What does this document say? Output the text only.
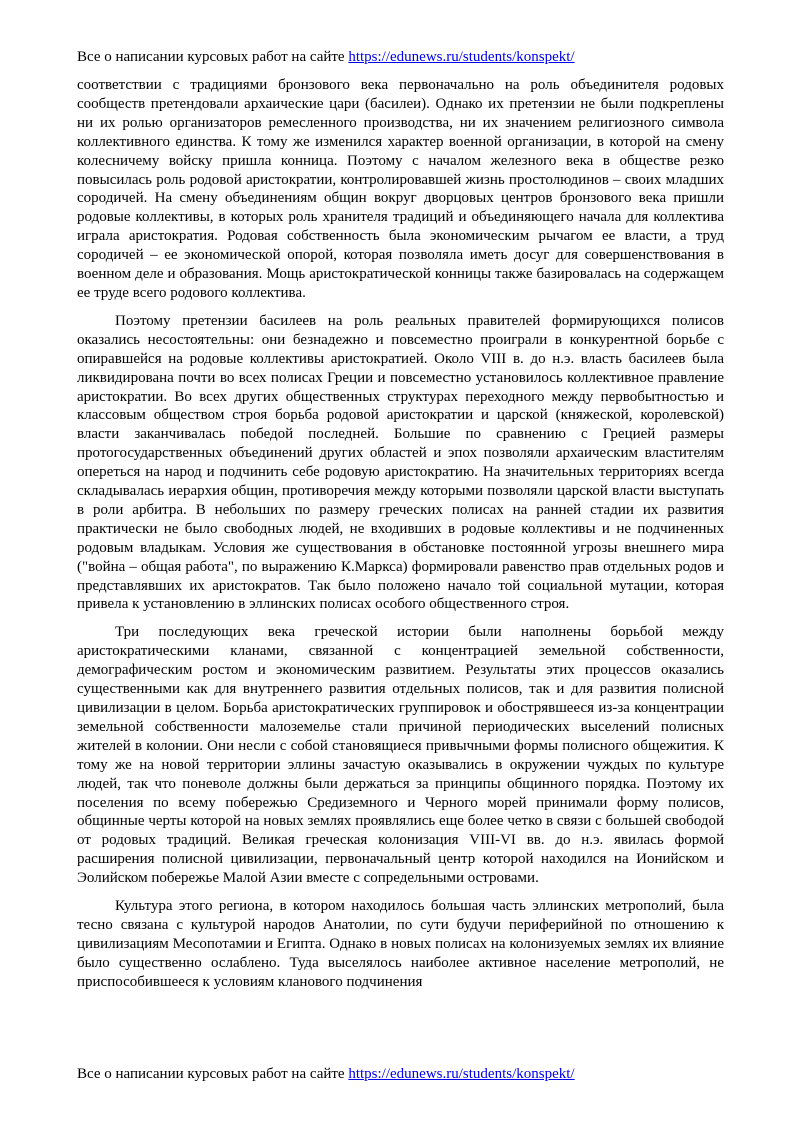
Все о написании курсовых работ на сайте https://edunews.ru/students/konspekt/

соответствии с традициями бронзового века первоначально на роль объединителя родовых сообществ претендовали архаические цари (басилеи). Однако их претензии не были подкреплены ни их ролью организаторов ремесленного производства, ни их значением религиозного символа коллективного единства. К тому же изменился характер военной организации, в которой на смену колесничему войску пришла конница. Поэтому с началом железного века в обществе резко повысилась роль родовой аристократии, контролировавшей жизнь простолюдинов – своих младших сородичей. На смену объединениям общин вокруг дворцовых центров бронзового века пришли родовые коллективы, в которых роль хранителя традиций и объединяющего начала для коллектива играла аристократия. Родовая собственность была экономическим рычагом ее власти, а труд сородичей – ее экономической опорой, которая позволяла иметь досуг для совершенствования в военном деле и образования. Мощь аристократической конницы также базировалась на содержащем ее труде всего родового коллектива.

Поэтому претензии басилеев на роль реальных правителей формирующихся полисов оказались несостоятельны: они безнадежно и повсеместно проиграли в конкурентной борьбе с опиравшейся на родовые коллективы аристократией. Около VIII в. до н.э. власть басилеев была ликвидирована почти во всех полисах Греции и повсеместно установилось коллективное правление аристократии. Во всех других общественных структурах переходного между первобытностью и классовым обществом строя борьба родовой аристократии и царской (княжеской, королевской) власти заканчивалась победой последней. Большие по сравнению с Грецией размеры протогосударственных объединений других областей и эпох позволяли архаическим властителям опереться на народ и подчинить себе родовую аристократию. На значительных территориях всегда складывалась иерархия общин, противоречия между которыми позволяли царской власти выступать в роли арбитра. В небольших по размеру греческих полисах на ранней стадии их развития практически не было свободных людей, не входивших в родовые коллективы и не подчиненных родовым владыкам. Условия же существования в обстановке постоянной угрозы внешнего мира ("война – общая работа", по выражению К.Маркса) формировали равенство прав отдельных родов и представлявших их аристократов. Так было положено начало той социальной мутации, которая привела к установлению в эллинских полисах особого общественного строя.

Три последующих века греческой истории были наполнены борьбой между аристократическими кланами, связанной с концентрацией земельной собственности, демографическим ростом и экономическим развитием. Результаты этих процессов оказались существенными как для внутреннего развития отдельных полисов, так и для развития полисной цивилизации в целом. Борьба аристократических группировок и обострявшееся из-за концентрации земельной собственности малоземелье стали причиной периодических выселений полисных жителей в колонии. Они несли с собой становящиеся привычными формы полисного общежития. К тому же на новой территории эллины зачастую оказывались в окружении чуждых по культуре людей, так что поневоле должны были держаться за принципы общинного порядка. Поэтому их поселения по всему побережью Средиземного и Черного морей принимали форму полисов, общинные черты которой на новых землях проявлялись еще более четко в связи с большей свободой от родовых традиций. Великая греческая колонизация VIII-VI вв. до н.э. явилась формой расширения полисной цивилизации, первоначальный центр которой находился на Ионийском и Эолийском побережье Малой Азии вместе с сопредельными островами.

Культура этого региона, в котором находилось большая часть эллинских метрополий, была тесно связана с культурой народов Анатолии, по сути будучи периферийной по отношению к цивилизациям Месопотамии и Египта. Однако в новых полисах на колонизуемых землях их влияние было существенно ослаблено. Туда выселялось наиболее активное население метрополий, не приспособившееся к условиям кланового подчинения

Все о написании курсовых работ на сайте https://edunews.ru/students/konspekt/
